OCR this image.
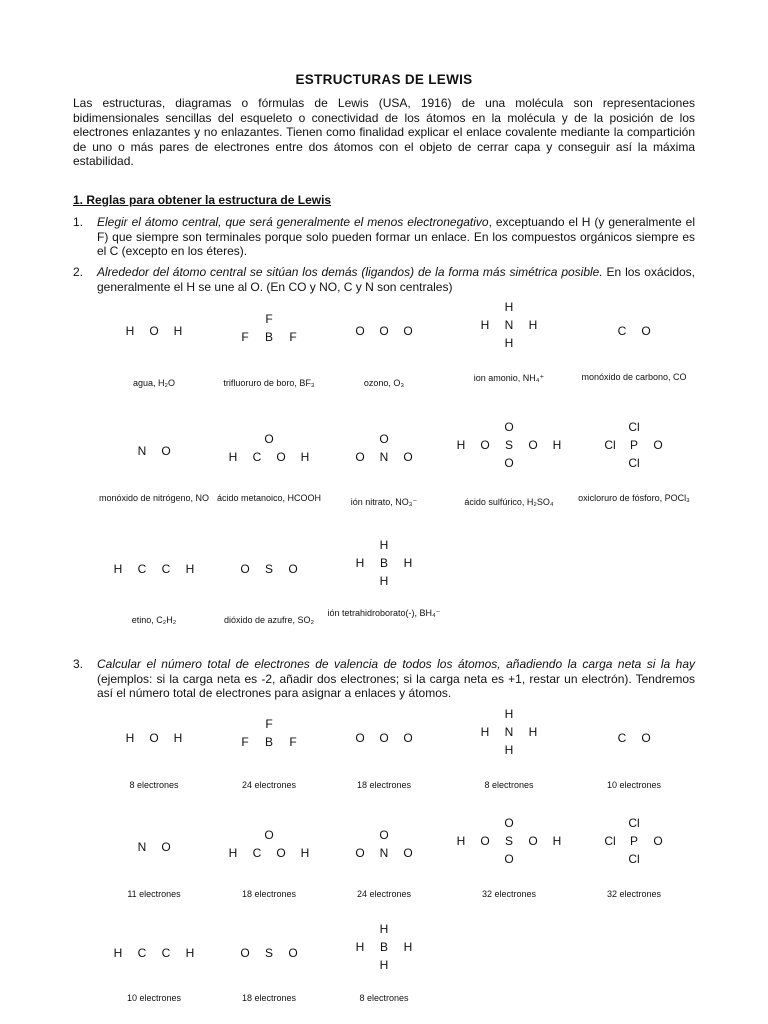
ESTRUCTURAS DE LEWIS

Las estructuras, diagramas o fórmulas de Lewis (USA, 1916) de una molécula son representaciones bidimensionales sencillas del esqueleto o conectividad de los átomos en la molécula y de la posición de los electrones enlazantes y no enlazantes. Tienen como finalidad explicar el enlace covalente mediante la compartición de uno o más pares de electrones entre dos átomos con el objeto de cerrar capa y conseguir así la máxima estabilidad.

1. Reglas para obtener la estructura de Lewis
1. Elegir el átomo central, que será generalmente el menos electronegativo, exceptuando el H (y generalmente el F) que siempre son terminales porque solo pueden formar un enlace. En los compuestos orgánicos siempre es el C (excepto en los éteres).
2. Alrededor del átomo central se sitúan los demás (ligandos) de la forma más simétrica posible. En los oxácidos, generalmente el H se une al O. (En CO y NO, C y N son centrales)
H O H
agua, H₂O
F
F B F
trifluoruro de boro, BF₃
O O O
ozono, O₃
H
H N H
H
ion amonio, NH₄⁺
C O
monóxido de carbono, CO
N O
monóxido de nitrógeno, NO
O
H C O H
ácido metanoico, HCOOH
O
O N O
ión nitrato, NO₃⁻
O
H O S O H
O
ácido sulfúrico, H₂SO₄
Cl
Cl P O
Cl
oxicloruro de fósforo, POCl₃
H C C H
etino, C₂H₂
O S O
dióxido de azufre, SO₂
H
H B H
H
ión tetrahidroborato(-), BH₄⁻
3. Calcular el número total de electrones de valencia de todos los átomos, añadiendo la carga neta si la hay (ejemplos: si la carga neta es -2, añadir dos electrones; si la carga neta es +1, restar un electrón). Tendremos así el número total de electrones para asignar a enlaces y átomos.
H O H
8 electrones
F
F B F
24 electrones
O O O
18 electrones
H
H N H
H
8 electrones
C O
10 electrones
N O
11 electrones
O
H C O H
18 electrones
O
O N O
24 electrones
O
H O S O H
O
32 electrones
Cl
Cl P O
Cl
32 electrones
H C C H
10 electrones
O S O
18 electrones
H
H B H
H
8 electrones
